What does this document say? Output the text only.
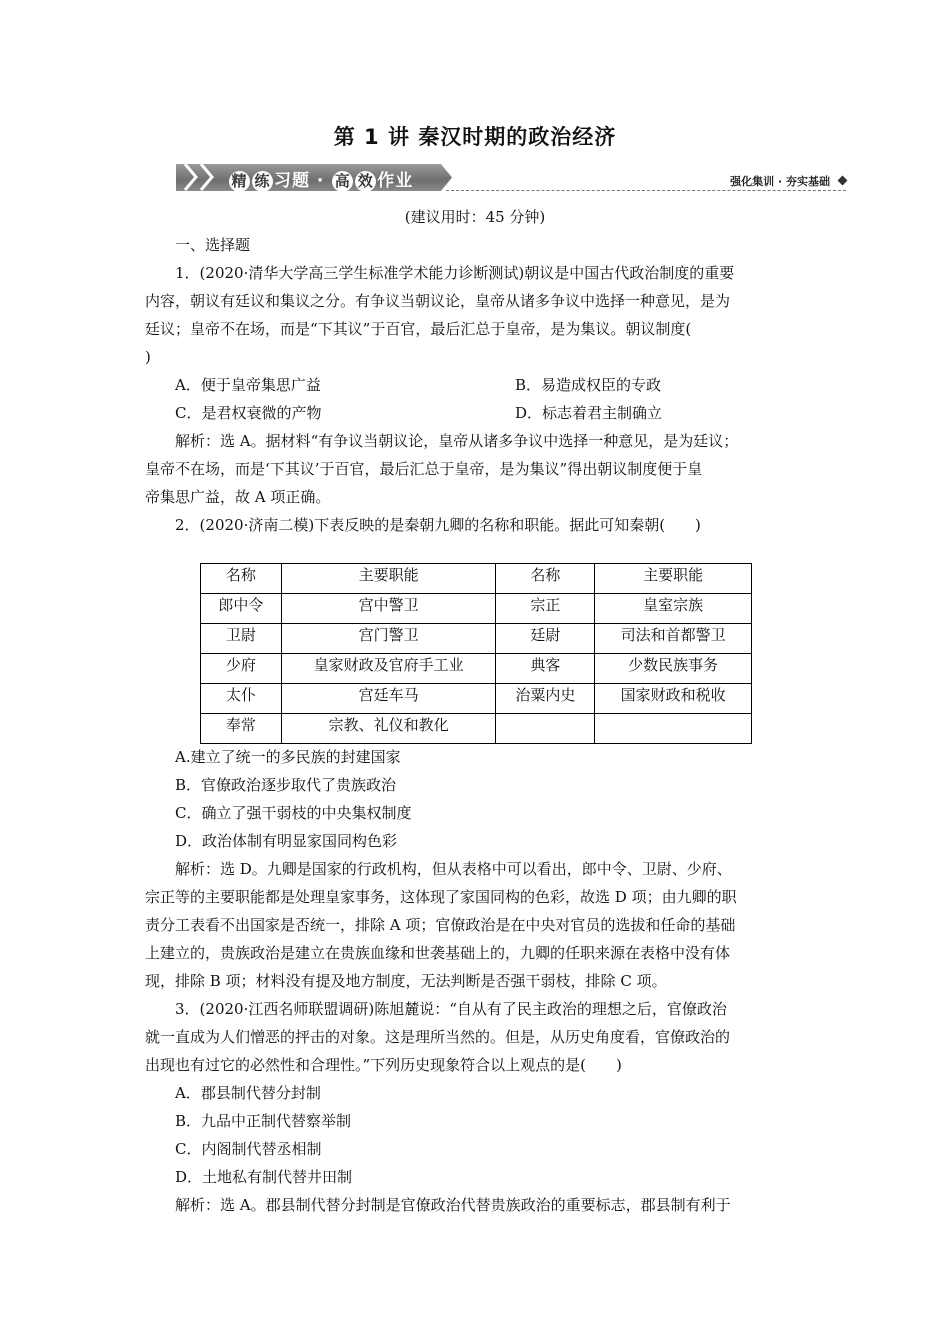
第 1 讲 秦汉时期的政治经济
精 练 习题 · 高 效 作业	强化集训 · 夯实基础
(建议用时：45 分钟)
一、选择题
1．(2020·清华大学高三学生标准学术能力诊断测试)朝议是中国古代政治制度的重要
内容，朝议有廷议和集议之分。有争议当朝议论，皇帝从诸多争议中选择一种意见，是为
廷议；皇帝不在场，而是“下其议”于百官，最后汇总于皇帝，是为集议。朝议制度(
)
A．便于皇帝集思广益	B．易造成权臣的专政
C．是君权衰微的产物	D．标志着君主制确立
解析：选 A。据材料“有争议当朝议论，皇帝从诸多争议中选择一种意见，是为廷议；
皇帝不在场，而是‘下其议’于百官，最后汇总于皇帝，是为集议”得出朝议制度便于皇
帝集思广益，故 A 项正确。
2．(2020·济南二模)下表反映的是秦朝九卿的名称和职能。据此可知秦朝(　　)
名称	主要职能	名称	主要职能
郎中令	宫中警卫	宗正	皇室宗族
卫尉	宫门警卫	廷尉	司法和首都警卫
少府	皇家财政及官府手工业	典客	少数民族事务
太仆	宫廷车马	治粟内史	国家财政和税收
奉常	宗教、礼仪和教化		
A.建立了统一的多民族的封建国家
B．官僚政治逐步取代了贵族政治
C．确立了强干弱枝的中央集权制度
D．政治体制有明显家国同构色彩
解析：选 D。九卿是国家的行政机构，但从表格中可以看出，郎中令、卫尉、少府、
宗正等的主要职能都是处理皇家事务，这体现了家国同构的色彩，故选 D 项；由九卿的职
责分工表看不出国家是否统一，排除 A 项；官僚政治是在中央对官员的选拔和任命的基础
上建立的，贵族政治是建立在贵族血缘和世袭基础上的，九卿的任职来源在表格中没有体
现，排除 B 项；材料没有提及地方制度，无法判断是否强干弱枝，排除 C 项。
3．(2020·江西名师联盟调研)陈旭麓说：“自从有了民主政治的理想之后，官僚政治
就一直成为人们憎恶的抨击的对象。这是理所当然的。但是，从历史角度看，官僚政治的
出现也有过它的必然性和合理性。”下列历史现象符合以上观点的是(　　)
A．郡县制代替分封制
B．九品中正制代替察举制
C．内阁制代替丞相制
D．土地私有制代替井田制
解析：选 A。郡县制代替分封制是官僚政治代替贵族政治的重要标志，郡县制有利于
